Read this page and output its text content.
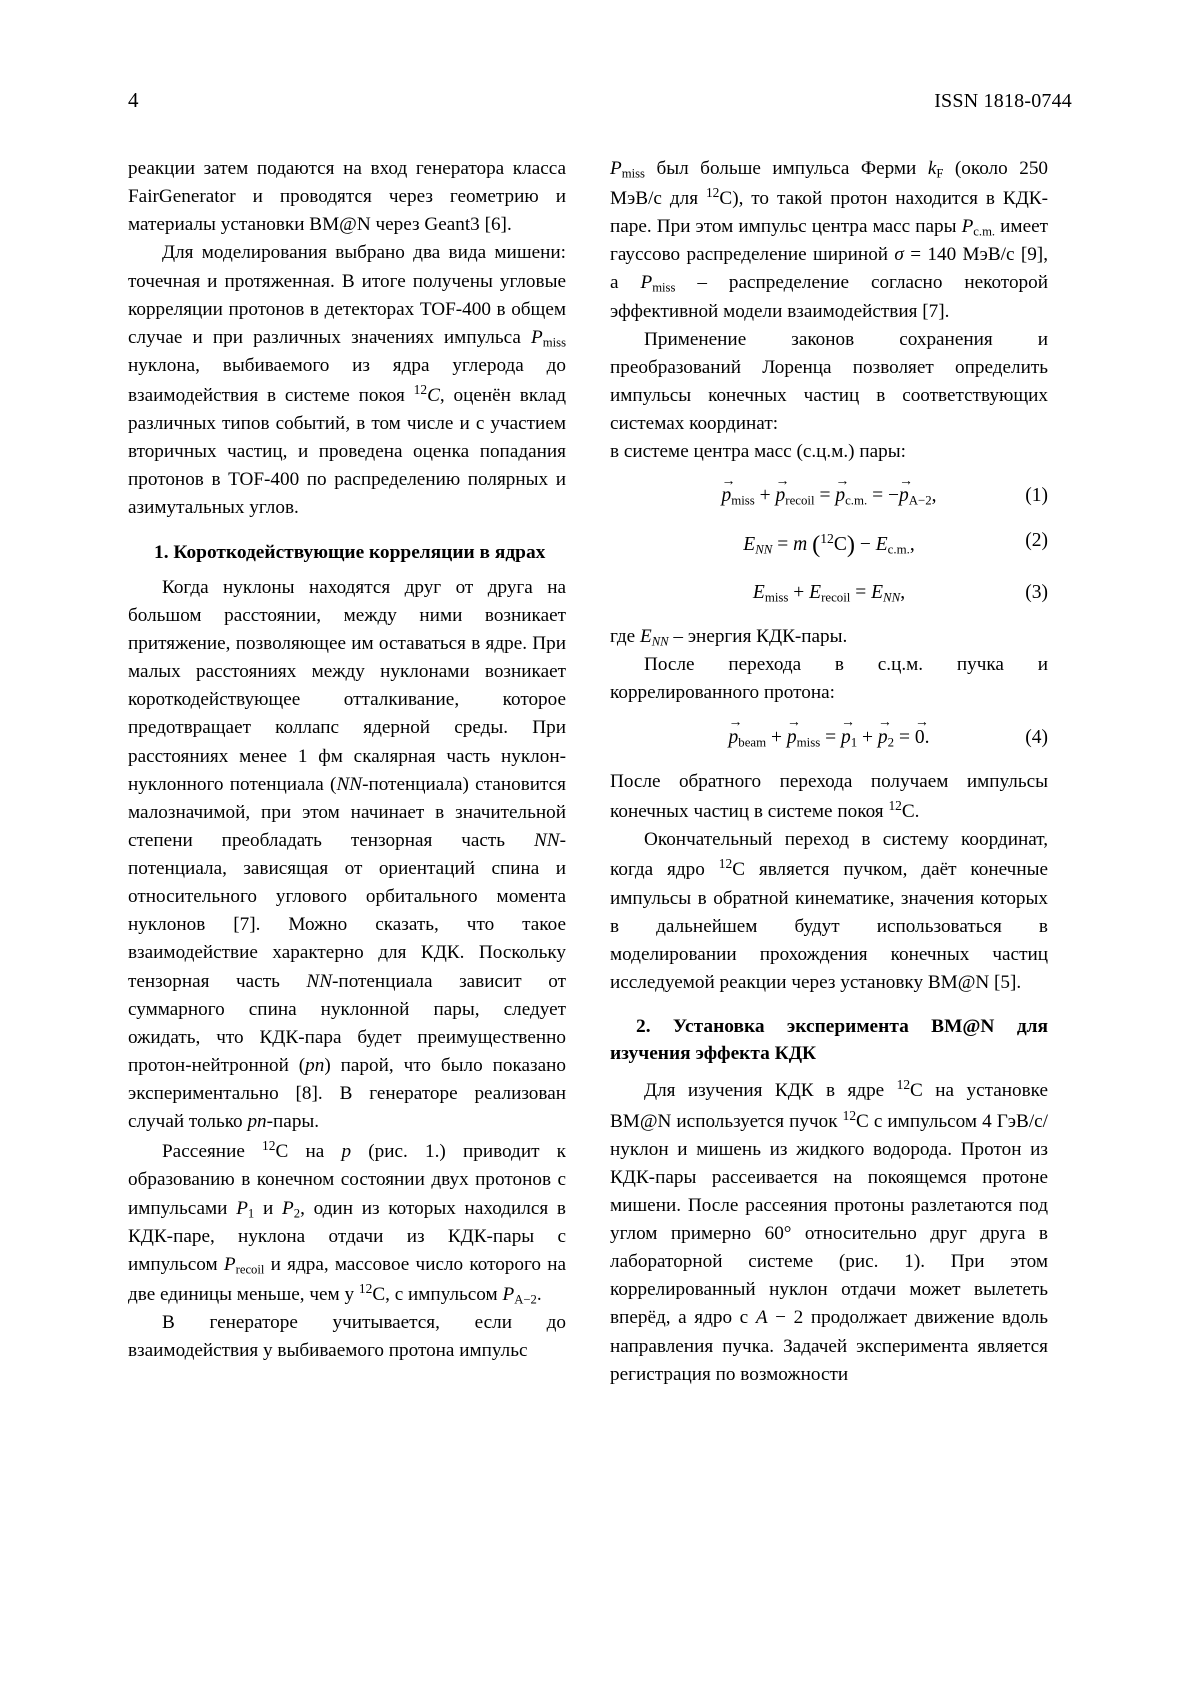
4	ISSN 1818-0744

реакции затем подаются на вход генератора класса FairGenerator и проводятся через геометрию и материалы установки BM@N через Geant3 [6].

Для моделирования выбрано два вида мишени: точечная и протяженная. В итоге получены угловые корреляции протонов в детекторах TOF-400 в общем случае и при различных значениях импульса $P_{miss}$ нуклона, выбиваемого из ядра углерода до взаимодействия в системе покоя $^{12}$C, оценён вклад различных типов событий, в том числе и с участием вторичных частиц, и проведена оценка попадания протонов в TOF-400 по распределению полярных и азимутальных углов.

1. Короткодействующие корреляции в ядрах

Когда нуклоны находятся друг от друга на большом расстоянии, между ними возникает притяжение, позволяющее им оставаться в ядре. При малых расстояниях между нуклонами возникает короткодействующее отталкивание, которое предотвращает коллапс ядерной среды. При расстояниях менее 1 фм скалярная часть нуклон-нуклонного потенциала (NN-потенциала) становится малозначимой, при этом начинает в значительной степени преобладать тензорная часть NN-потенциала, зависящая от ориентаций спина и относительного углового орбитального момента нуклонов [7]. Можно сказать, что такое взаимодействие характерно для КДК. Поскольку тензорная часть NN-потенциала зависит от суммарного спина нуклонной пары, следует ожидать, что КДК-пара будет преимущественно протон-нейтронной (pn) парой, что было показано экспериментально [8]. В генераторе реализован случай только pn-пары.

Рассеяние $^{12}$C на p (рис. 1.) приводит к образованию в конечном состоянии двух протонов с импульсами $P_1$ и $P_2$, один из которых находился в КДК-паре, нуклона отдачи из КДК-пары с импульсом $P_{recoil}$ и ядра, массовое число которого на две единицы меньше, чем у $^{12}$C, с импульсом $P_{A-2}$.

В генераторе учитывается, если до взаимодействия у выбиваемого протона импульс

$P_{miss}$ был больше импульса Ферми $k_F$ (около 250 МэВ/с для $^{12}$C), то такой протон находится в КДК-паре. При этом импульс центра масс пары $P_{c.m.}$ имеет гауссово распределение шириной σ = 140 МэВ/с [9], а $P_{miss}$ – распределение согласно некоторой эффективной модели взаимодействия [7].

Применение законов сохранения и преобразований Лоренца позволяет определить импульсы конечных частиц в соответствующих системах координат:

в системе центра масс (с.ц.м.) пары:

→
$p_{miss}$ +
→
$p_{recoil}$ =
→
$p_{c.m.}$ = −
→
$p_{A-2}$,	(1)
$E_{NN} = m$ $(^{12}C) - E_{c.m.}$,	(2)
$E_{miss} + E_{recoil} = E_{NN}$,	(3)

где $E_{NN}$ – энергия КДК-пары.

После перехода в с.ц.м. пучка и коррелированного протона:

→
$p_{beam}$ +
→
$p_{miss}$ =
→
$p_1$ +
→
$p_2$ =
→
0.	(4)

После обратного перехода получаем импульсы конечных частиц в системе покоя $^{12}$C.

Окончательный переход в систему координат, когда ядро $^{12}$C является пучком, даёт конечные импульсы в обратной кинематике, значения которых в дальнейшем будут использоваться в моделировании прохождения конечных частиц исследуемой реакции через установку BM@N [5].

2. Установка эксперимента BM@N для изучения эффекта КДК

Для изучения КДК в ядре $^{12}$C на установке BM@N используется пучок $^{12}$C с импульсом 4 ГэВ/с/нуклон и мишень из жидкого водорода. Протон из КДК-пары рассеивается на покоящемся протоне мишени. После рассеяния протоны разлетаются под углом примерно 60° относительно друг друга в лабораторной системе (рис. 1). При этом коррелированный нуклон отдачи может вылететь вперёд, а ядро с A − 2 продолжает движение вдоль направления пучка. Задачей эксперимента является регистрация по возможности
